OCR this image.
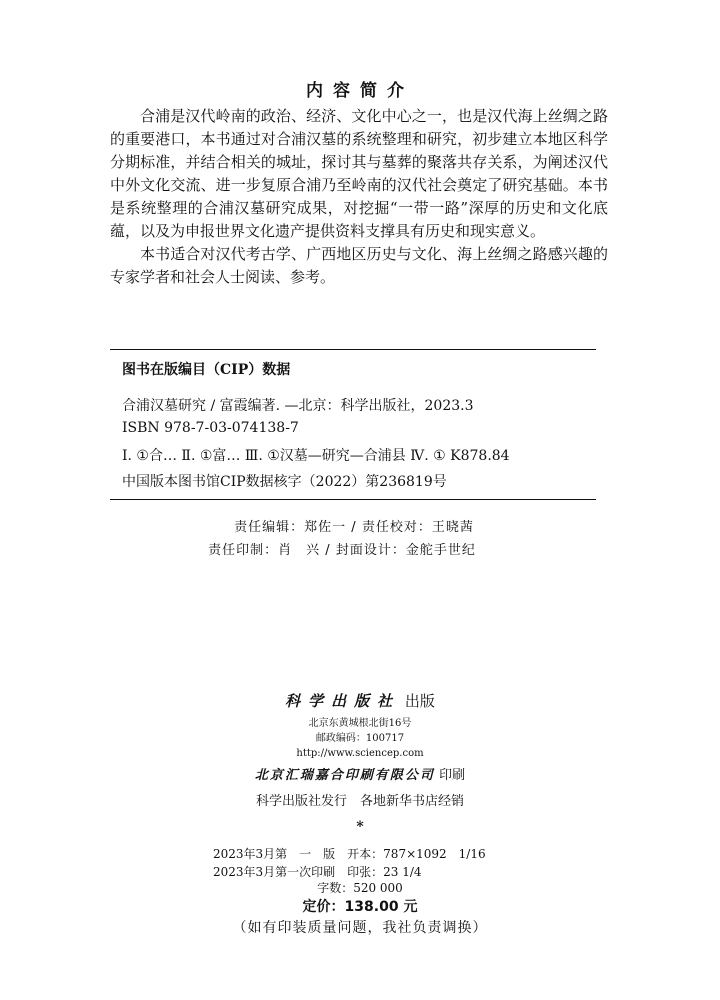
内容简介

合浦是汉代岭南的政治、经济、文化中心之一，也是汉代海上丝绸之路的重要港口，本书通过对合浦汉墓的系统整理和研究，初步建立本地区科学分期标准，并结合相关的城址，探讨其与墓葬的聚落共存关系，为阐述汉代中外文化交流、进一步复原合浦乃至岭南的汉代社会奠定了研究基础。本书是系统整理的合浦汉墓研究成果，对挖掘“一带一路”深厚的历史和文化底蕴，以及为申报世界文化遗产提供资料支撑具有历史和现实意义。

本书适合对汉代考古学、广西地区历史与文化、海上丝绸之路感兴趣的专家学者和社会人士阅读、参考。

图书在版编目（CIP）数据
合浦汉墓研究 / 富霞编著. —北京：科学出版社，2023.3
ISBN 978-7-03-074138-7
Ⅰ. ①合… Ⅱ. ①富… Ⅲ. ①汉墓—研究—合浦县 Ⅳ. ① K878.84
中国版本图书馆CIP数据核字（2022）第236819号
责任编辑：郑佐一 / 责任校对：王晓茜
责任印制：肖　兴 / 封面设计：金舵手世纪
科学出版社 出版
北京东黄城根北街16号
邮政编码：100717
http://www.sciencep.com
北京汇瑞嘉合印刷有限公司 印刷
科学出版社发行　各地新华书店经销
*
2023年3月第　一　版　开本：787×1092　1/16
2023年3月第一次印刷　印张：23 1/4
字数：520 000
定价：138.00 元
（如有印装质量问题，我社负责调换）
